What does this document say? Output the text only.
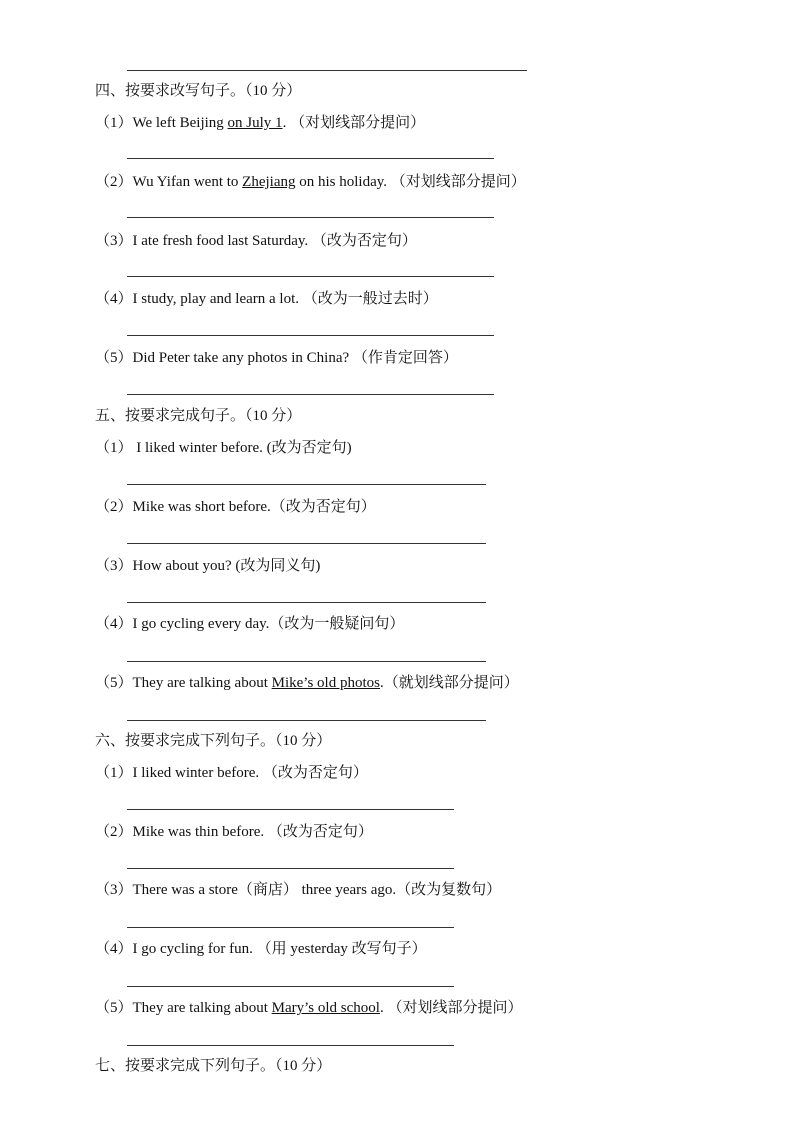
四、按要求改写句子。（10 分）
（1）We left Beijing on July 1. （对划线部分提问）
（2）Wu Yifan went to Zhejiang on his holiday. （对划线部分提问）
（3）I ate fresh food last Saturday. （改为否定句）
（4）I study, play and learn a lot. （改为一般过去时）
（5）Did Peter take any photos in China? （作肯定回答）
五、按要求完成句子。（10 分）
（1） I liked winter before. (改为否定句)
（2）Mike was short before.（改为否定句）
（3）How about you? (改为同义句)
（4）I go cycling every day.（改为一般疑问句）
（5）They are talking about Mike’s old photos.（就划线部分提问）
六、按要求完成下列句子。（10 分）
（1）I liked winter before. （改为否定句）
（2）Mike was thin before. （改为否定句）
（3）There was a store（商店） three years ago.（改为复数句）
（4）I go cycling for fun. （用 yesterday 改写句子）
（5）They are talking about Mary’s old school. （对划线部分提问）
七、按要求完成下列句子。（10 分）
